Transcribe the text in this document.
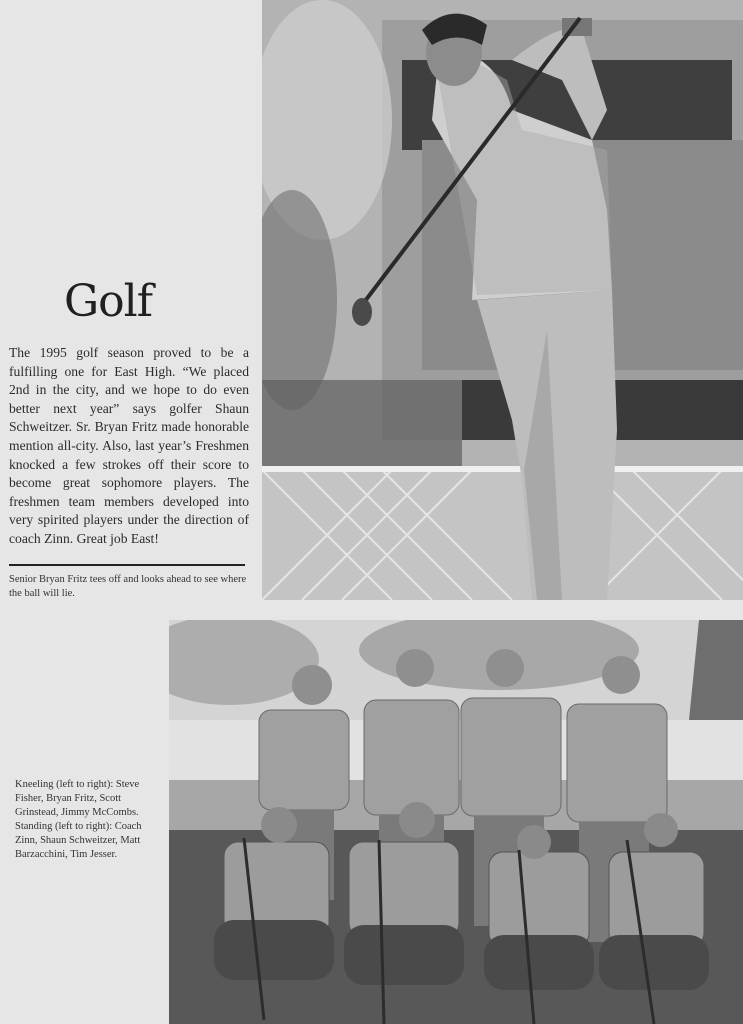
Golf

The 1995 golf season proved to be a fulfilling one for East High. “We placed 2nd in the city, and we hope to do even better next year” says golfer Shaun Schweitzer. Sr. Bryan Fritz made honorable mention all-city. Also, last year’s Freshmen knocked a few strokes off their score to become great sophomore players. The freshmen team members developed into very spirited players under the direction of coach Zinn. Great job East!

Senior Bryan Fritz tees off and looks ahead to see where the ball will lie.

Kneeling (left to right): Steve Fisher, Bryan Fritz, Scott Grinstead, Jimmy McCombs. Standing (left to right): Coach Zinn, Shaun Schweitzer, Matt Barzacchini, Tim Jesser.
